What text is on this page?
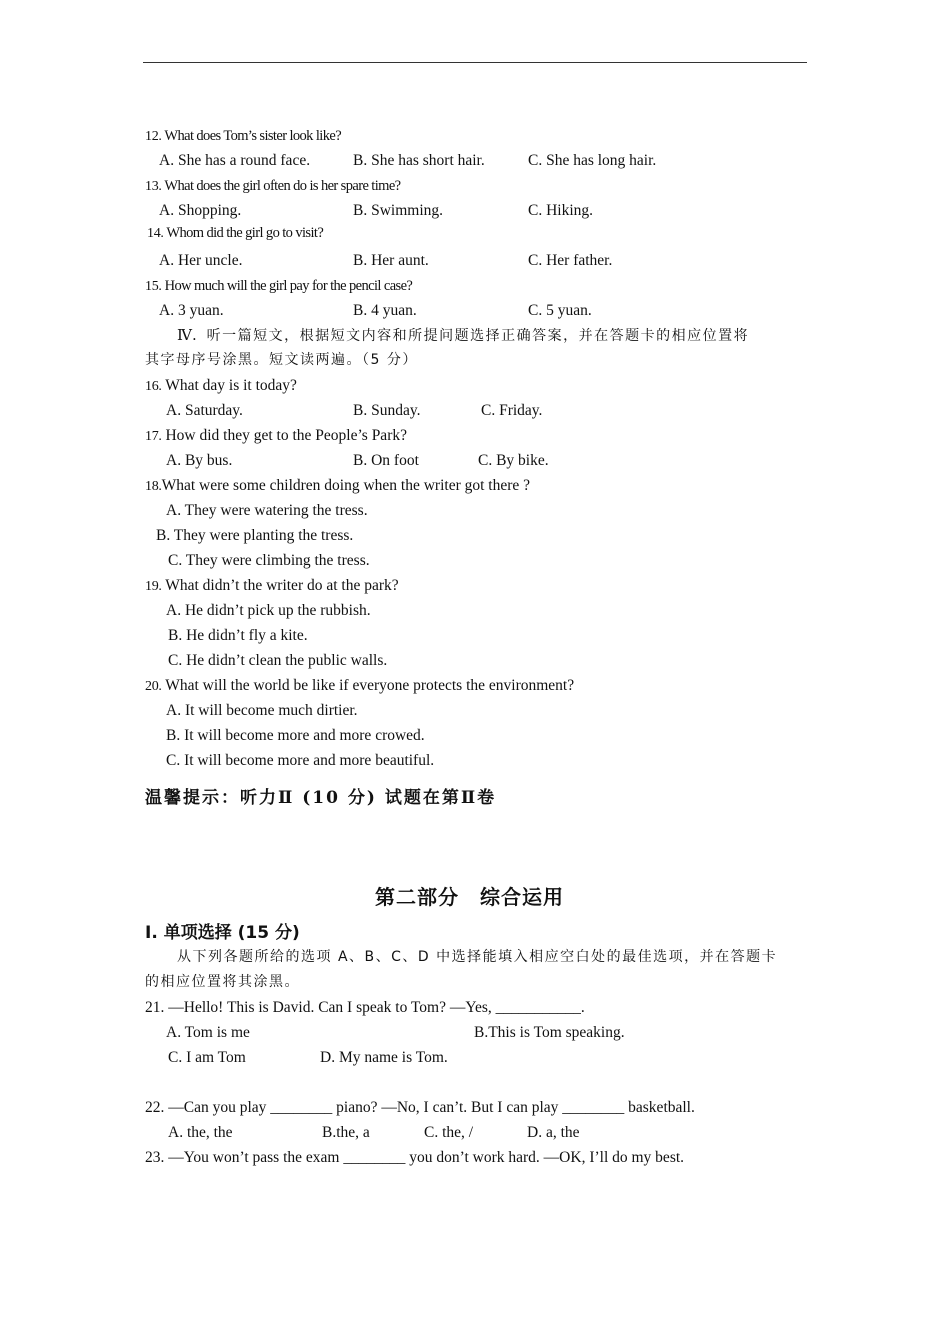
12. What does Tom’s sister look like?
A. She has a round face.	B. She has short hair.	C. She has long hair.
13. What does the girl often do is her spare time?
A. Shopping.	B. Swimming.	C. Hiking.
14. Whom did the girl go to visit?
A. Her uncle.	B. Her aunt.	C. Her father.
15. How much will the girl pay for the pencil case?
A. 3 yuan.	B. 4 yuan.	C. 5 yuan.
Ⅳ. 听一篇短文，根据短文内容和所提问题选择正确答案，并在答题卡的相应位置将
其字母序号涂黑。短文读两遍。（5 分）
16. What day is it today?
A. Saturday.	B. Sunday.	C. Friday.
17. How did they get to the People’s Park?
A. By bus.	B. On foot	C. By bike.
18.What were some children doing when the writer got there ?
A. They were watering the tress.
B. They were planting the tress.
C. They were climbing the tress.
19. What didn’t the writer do at the park?
A. He didn’t pick up the rubbish.
B. He didn’t fly a kite.
C. He didn’t clean the public walls.
20. What will the world be like if everyone protects the environment?
A. It will become much dirtier.
B. It will become more and more crowed.
C. It will become more and more beautiful.
温馨提示：听力Ⅱ (10 分) 试题在第Ⅱ卷
第二部分　综合运用
I. 单项选择 (15 分)
从下列各题所给的选项 A、B、C、D 中选择能填入相应空白处的最佳选项，并在答题卡
的相应位置将其涂黑。
21. —Hello! This is David. Can I speak to Tom? —Yes, ___________.
A. Tom is me	B.This is Tom speaking.
C. I am Tom	D. My name is Tom.
22. —Can you play ________ piano? —No, I can’t. But I can play ________ basketball.
A. the, the	B.the, a	C. the, /	D. a, the
23. —You won’t pass the exam ________ you don’t work hard. —OK, I’ll do my best.
